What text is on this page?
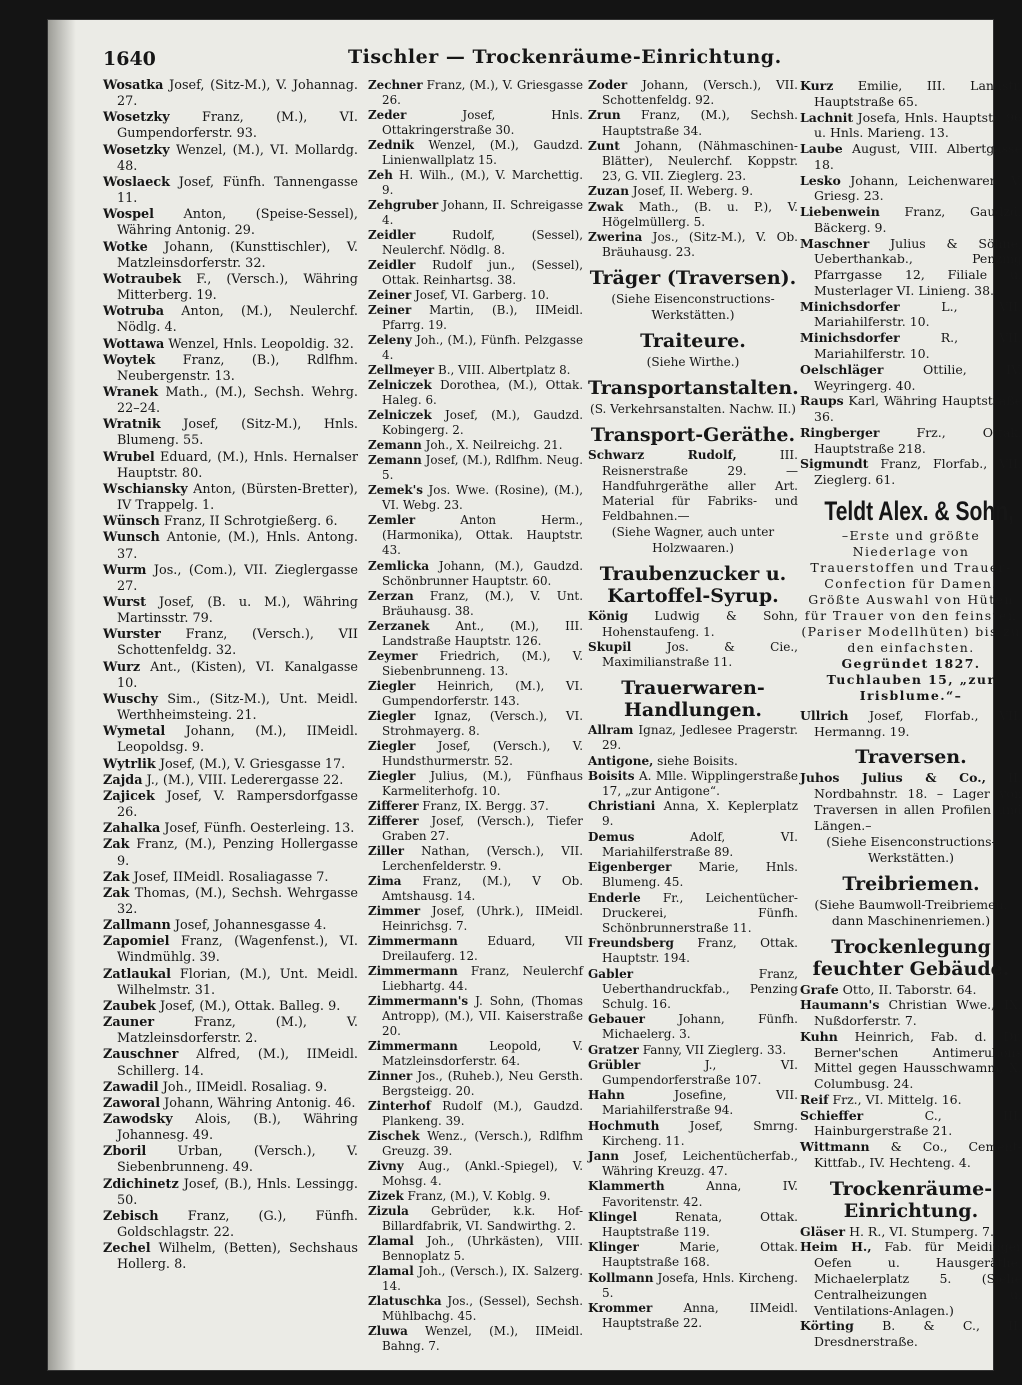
1640	Tischler — Trockenräume-Einrichtung.
Wosatka Josef, (Sitz-M.), V. Johannag. 27.
Wosetzky Franz, (M.), VI. Gumpendorferstr. 93.
Wosetzky Wenzel, (M.), VI. Mollardg. 48.
Woslaeck Josef, Fünfh. Tannengasse 11.
Wospel Anton, (Speise-Sessel), Währing Antonig. 29.
Wotke Johann, (Kunsttischler), V. Matzleinsdorferstr. 32.
Wotraubek F., (Versch.), Währing Mitterberg. 19.
Wotruba Anton, (M.), Neulerchf. Nödlg. 4.
Wottawa Wenzel, Hnls. Leopoldig. 32.
Woytek Franz, (B.), Rdlfhm. Neubergenstr. 13.
Wranek Math., (M.), Sechsh. Wehrg. 22–24.
Wratnik Josef, (Sitz-M.), Hnls. Blumeng. 55.
Wrubel Eduard, (M.), Hnls. Hernalser Hauptstr. 80.
Wschiansky Anton, (Bürsten-Bretter), IV Trappelg. 1.
Wünsch Franz, II Schrotgießerg. 6.
Wunsch Antonie, (M.), Hnls. Antong. 37.
Wurm Jos., (Com.), VII. Zieglergasse 27.
Wurst Josef, (B. u. M.), Währing Martinsstr. 79.
Wurster Franz, (Versch.), VII Schottenfeldg. 32.
Wurz Ant., (Kisten), VI. Kanalgasse 10.
Wuschy Sim., (Sitz-M.), Unt. Meidl. Werthheimsteing. 21.
Wymetal Johann, (M.), IIMeidl. Leopoldsg. 9.
Wytrlik Josef, (M.), V. Griesgasse 17.
Zajda J., (M.), VIII. Lederergasse 22.
Zajicek Josef, V. Rampersdorfgasse 26.
Zahalka Josef, Fünfh. Oesterleing. 13.
Zak Franz, (M.), Penzing Hollergasse 9.
Zak Josef, IIMeidl. Rosaliagasse 7.
Zak Thomas, (M.), Sechsh. Wehrgasse 32.
Zallmann Josef, Johannesgasse 4.
Zapomiel Franz, (Wagenfenst.), VI. Windmühlg. 39.
Zatlaukal Florian, (M.), Unt. Meidl. Wilhelmstr. 31.
Zaubek Josef, (M.), Ottak. Balleg. 9.
Zauner Franz, (M.), V. Matzleinsdorferstr. 2.
Zauschner Alfred, (M.), IIMeidl. Schillerg. 14.
Zawadil Joh., IIMeidl. Rosaliag. 9.
Zaworal Johann, Währing Antonig. 46.
Zawodsky Alois, (B.), Währing Johannesg. 49.
Zboril Urban, (Versch.), V. Siebenbrunneng. 49.
Zdichinetz Josef, (B.), Hnls. Lessingg. 50.
Zebisch Franz, (G.), Fünfh. Goldschlagstr. 22.
Zechel Wilhelm, (Betten), Sechshaus Hollerg. 8.
Zechner Franz, (M.), V. Griesgasse 26.
Zeder Josef, Hnls. Ottakringerstraße 30.
Zednik Wenzel, (M.), Gaudzd. Linienwallplatz 15.
Zeh H. Wilh., (M.), V. Marchettig. 9.
Zehgruber Johann, II. Schreigasse 4.
Zeidler Rudolf, (Sessel), Neulerchf. Nödlg. 8.
Zeidler Rudolf jun., (Sessel), Ottak. Reinhartsg. 38.
Zeiner Josef, VI. Garberg. 10.
Zeiner Martin, (B.), IIMeidl. Pfarrg. 19.
Zeleny Joh., (M.), Fünfh. Pelzgasse 4.
Zellmeyer B., VIII. Albertplatz 8.
Zelniczek Dorothea, (M.), Ottak. Haleg. 6.
Zelniczek Josef, (M.), Gaudzd. Kobingerg. 2.
Zemann Joh., X. Neilreichg. 21.
Zemann Josef, (M.), Rdlfhm. Neug. 5.
Zemek's Jos. Wwe. (Rosine), (M.), VI. Webg. 23.
Zemler Anton Herm., (Harmonika), Ottak. Hauptstr. 43.
Zemlicka Johann, (M.), Gaudzd. Schönbrunner Hauptstr. 60.
Zerzan Franz, (M.), V. Unt. Bräuhausg. 38.
Zerzanek Ant., (M.), III. Landstraße Hauptstr. 126.
Zeymer Friedrich, (M.), V. Siebenbrunneng. 13.
Ziegler Heinrich, (M.), VI. Gumpendorferstr. 143.
Ziegler Ignaz, (Versch.), VI. Strohmayerg. 8.
Ziegler Josef, (Versch.), V. Hundsthurmerstr. 52.
Ziegler Julius, (M.), Fünfhaus Karmeliterhofg. 10.
Zifferer Franz, IX. Bergg. 37.
Zifferer Josef, (Versch.), Tiefer Graben 27.
Ziller Nathan, (Versch.), VII. Lerchenfelderstr. 9.
Zima Franz, (M.), V Ob. Amtshausg. 14.
Zimmer Josef, (Uhrk.), IIMeidl. Heinrichsg. 7.
Zimmermann Eduard, VII Dreilauferg. 12.
Zimmermann Franz, Neulerchf Liebhartg. 44.
Zimmermann's J. Sohn, (Thomas Antropp), (M.), VII. Kaiserstraße 20.
Zimmermann Leopold, V. Matzleinsdorferstr. 64.
Zinner Jos., (Ruheb.), Neu Gersth. Bergsteigg. 20.
Zinterhof Rudolf (M.), Gaudzd. Plankeng. 39.
Zischek Wenz., (Versch.), Rdlfhm Greuzg. 39.
Zivny Aug., (Ankl.-Spiegel), V. Mohsg. 4.
Zizek Franz, (M.), V. Koblg. 9.
Zizula Gebrüder, k.k. Hof-Billardfabrik, VI. Sandwirthg. 2.
Zlamal Joh., (Uhrkästen), VIII. Bennoplatz 5.
Zlamal Joh., (Versch.), IX. Salzerg. 14.
Zlatuschka Jos., (Sessel), Sechsh. Mühlbachg. 45.
Zluwa Wenzel, (M.), IIMeidl. Bahng. 7.
Zoder Johann, (Versch.), VII. Schottenfeldg. 92.
Zrun Franz, (M.), Sechsh. Hauptstraße 34.
Zunt Johann, (Nähmaschinen-Blätter), Neulerchf. Koppstr. 23, G. VII. Zieglerg. 23.
Zuzan Josef, II. Weberg. 9.
Zwak Math., (B. u. P.), V. Högelmüllerg. 5.
Zwerina Jos., (Sitz-M.), V. Ob. Bräuhausg. 23.
Träger (Traversen).
(Siehe Eisenconstructions-Werkstätten.)
Traiteure.
(Siehe Wirthe.)
Transportanstalten.
(S. Verkehrsanstalten. Nachw. II.)
Transport-Geräthe.
Schwarz Rudolf, III. Reisnerstraße 29. —Handfuhrgeräthe aller Art. Material für Fabriks- und Feldbahnen.—
(Siehe Wagner, auch unter Holzwaaren.)
Traubenzucker u. Kartoffel-Syrup.
König Ludwig & Sohn, Hohenstaufeng. 1.
Skupil Jos. & Cie., Maximilianstraße 11.
Trauerwaren-Handlungen.
Allram Ignaz, Jedlesee Pragerstr. 29.
Antigone, siehe Boisits.
Boisits A. Mlle. Wipplingerstraße 17, „zur Antigone“.
Christiani Anna, X. Keplerplatz 9.
Demus Adolf, VI. Mariahilferstraße 89.
Eigenberger Marie, Hnls. Blumeng. 45.
Enderle Fr., Leichentücher-Druckerei, Fünfh. Schönbrunnerstraße 11.
Freundsberg Franz, Ottak. Hauptstr. 194.
Gabler Franz, Ueberthandruckfab., Penzing Schulg. 16.
Gebauer Johann, Fünfh. Michaelerg. 3.
Gratzer Fanny, VII Zieglerg. 33.
Grübler J., VI. Gumpendorferstraße 107.
Hahn Josefine, VII. Mariahilferstraße 94.
Hochmuth Josef, Smrng. Kircheng. 11.
Jann Josef, Leichentücherfab., Währing Kreuzg. 47.
Klammerth Anna, IV. Favoritenstr. 42.
Klingel Renata, Ottak. Hauptstraße 119.
Klinger Marie, Ottak. Hauptstraße 168.
Kollmann Josefa, Hnls. Kircheng. 5.
Krommer Anna, IIMeidl. Hauptstraße 22.
Kurz Emilie, III. Landstr. Hauptstraße 65.
Lachnit Josefa, Hnls. Hauptstr. 96 u. Hnls. Marieng. 13.
Laube August, VIII. Albertgasse 18.
Lesko Johann, Leichenwaren, V. Griesg. 23.
Liebenwein Franz, Gaudzd. Bäckerg. 9.
Maschner Julius & Söhne, Ueberthankab., Penzing Pfarrgasse 12, Filiale u. Musterlager VI. Linieng. 38.
Minichsdorfer L., VII. Mariahilferstr. 10.
Minichsdorfer R., VII. Mariahilferstr. 10.
Oelschläger Ottilie, IV. Weyringerg. 40.
Raups Karl, Währing Hauptstraße 36.
Ringberger Frz., Ottak. Hauptstraße 218.
Sigmundt Franz, Florfab., VII. Zieglerg. 61.
Teldt Alex. & Sohn,
–Erste und größte Niederlage von Trauerstoffen und Trauer-Confection für Damen.
Größte Auswahl von Hüten für Trauer von den feinsten (Pariser Modellhüten) bis zu den einfachsten.
Gegründet 1827.
Tuchlauben 15, „zur Irisblume.“–
Ullrich Josef, Florfab., VII. Hermanng. 19.
Traversen.
Juhos Julius & Co., II. Nordbahnstr. 18. – Lager von Traversen in allen Profilen und Längen.–
(Siehe Eisenconstructions-Werkstätten.)
Treibriemen.
(Siehe Baumwoll-Treibriemen, dann Maschinenriemen.)
Trockenlegung feuchter Gebäude.
Grafe Otto, II. Taborstr. 64.
Haumann's Christian Wwe., IX. Nußdorferstr. 7.
Kuhn Heinrich, Fab. d. Dr. Berner'schen Antimerulions Mittel gegen Hausschwamm, X. Columbusg. 24.
Reif Frz., VI. Mittelg. 16.
Schieffer C., III. Hainburgerstraße 21.
Wittmann & Co., Cement-Kittfab., IV. Hechteng. 4.
Trockenräume-Einrichtung.
Gläser H. R., VI. Stumperg. 7.
Heim H., Fab. für Meidinger Oefen u. Hausgeräthe, Michaelerplatz 5. (Siehe Centralheizungen u. Ventilations-Anlagen.)
Körting B. & C., II. Dresdnerstraße.
